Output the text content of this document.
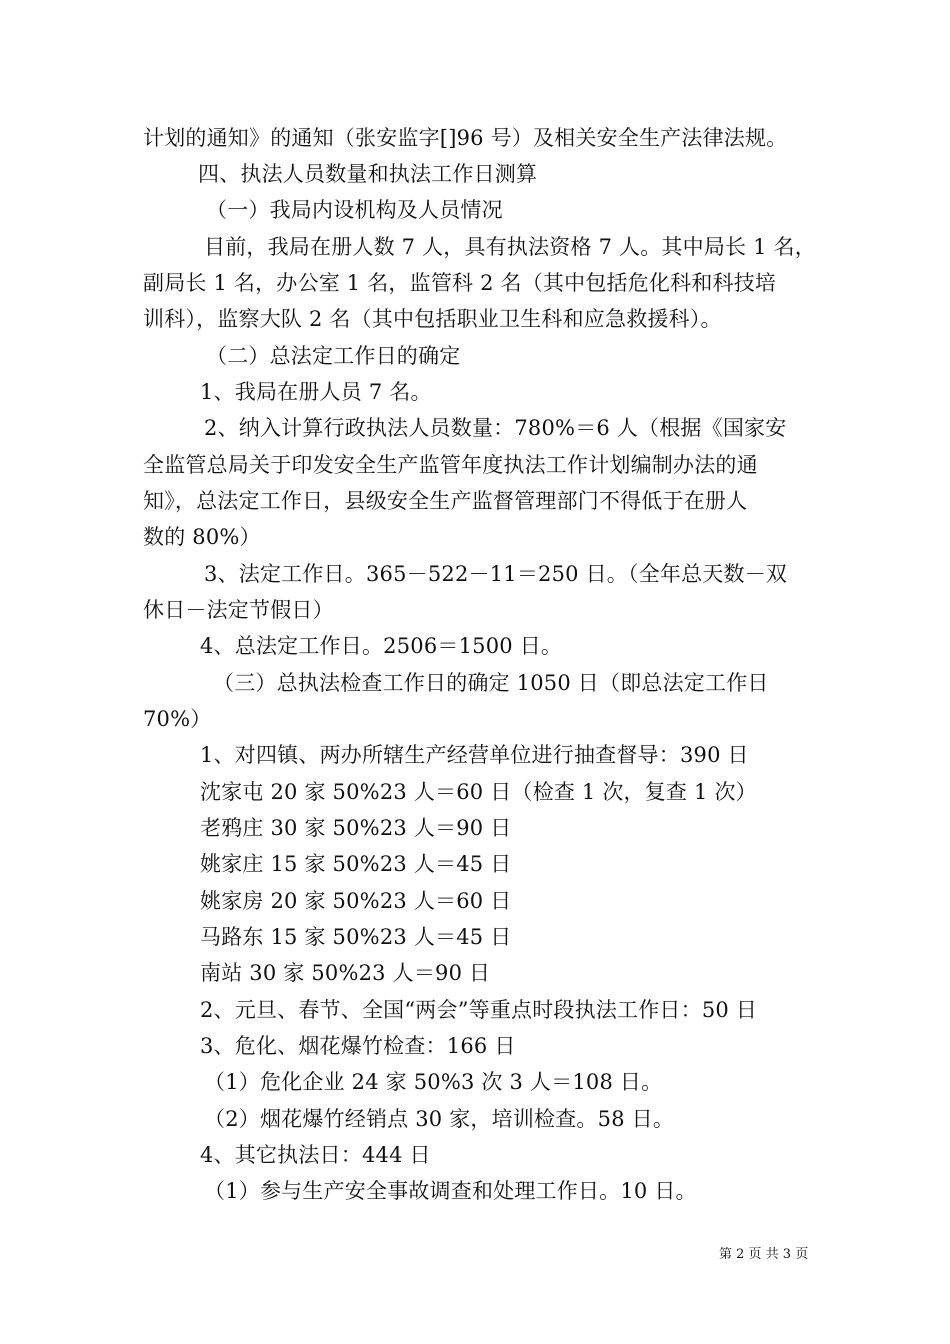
计划的通知》的通知（张安监字[]96 号）及相关安全生产法律法规。
四、执法人员数量和执法工作日测算
（一）我局内设机构及人员情况
目前，我局在册人数 7 人，具有执法资格 7 人。其中局长 1 名，
副局长 1 名，办公室 1 名，监管科 2 名（其中包括危化科和科技培
训科），监察大队 2 名（其中包括职业卫生科和应急救援科）。
（二）总法定工作日的确定
1、我局在册人员 7 名。
2、纳入计算行政执法人员数量：780%＝6 人（根据《国家安
全监管总局关于印发安全生产监管年度执法工作计划编制办法的通
知》，总法定工作日，县级安全生产监督管理部门不得低于在册人
数的 80%）
3、法定工作日。365－522－11＝250 日。（全年总天数－双
休日－法定节假日）
4、总法定工作日。2506＝1500 日。
（三）总执法检查工作日的确定 1050 日（即总法定工作日
70%）
1、对四镇、两办所辖生产经营单位进行抽查督导：390 日
沈家屯 20 家 50%23 人＝60 日（检查 1 次，复查 1 次）
老鸦庄 30 家 50%23 人＝90 日
姚家庄 15 家 50%23 人＝45 日
姚家房 20 家 50%23 人＝60 日
马路东 15 家 50%23 人＝45 日
南站 30 家 50%23 人＝90 日
2、元旦、春节、全国“两会”等重点时段执法工作日：50 日
3、危化、烟花爆竹检查：166 日
（1）危化企业 24 家 50%3 次 3 人＝108 日。
（2）烟花爆竹经销点 30 家，培训检查。58 日。
4、其它执法日：444 日
（1）参与生产安全事故调查和处理工作日。10 日。
第 2 页 共 3 页
